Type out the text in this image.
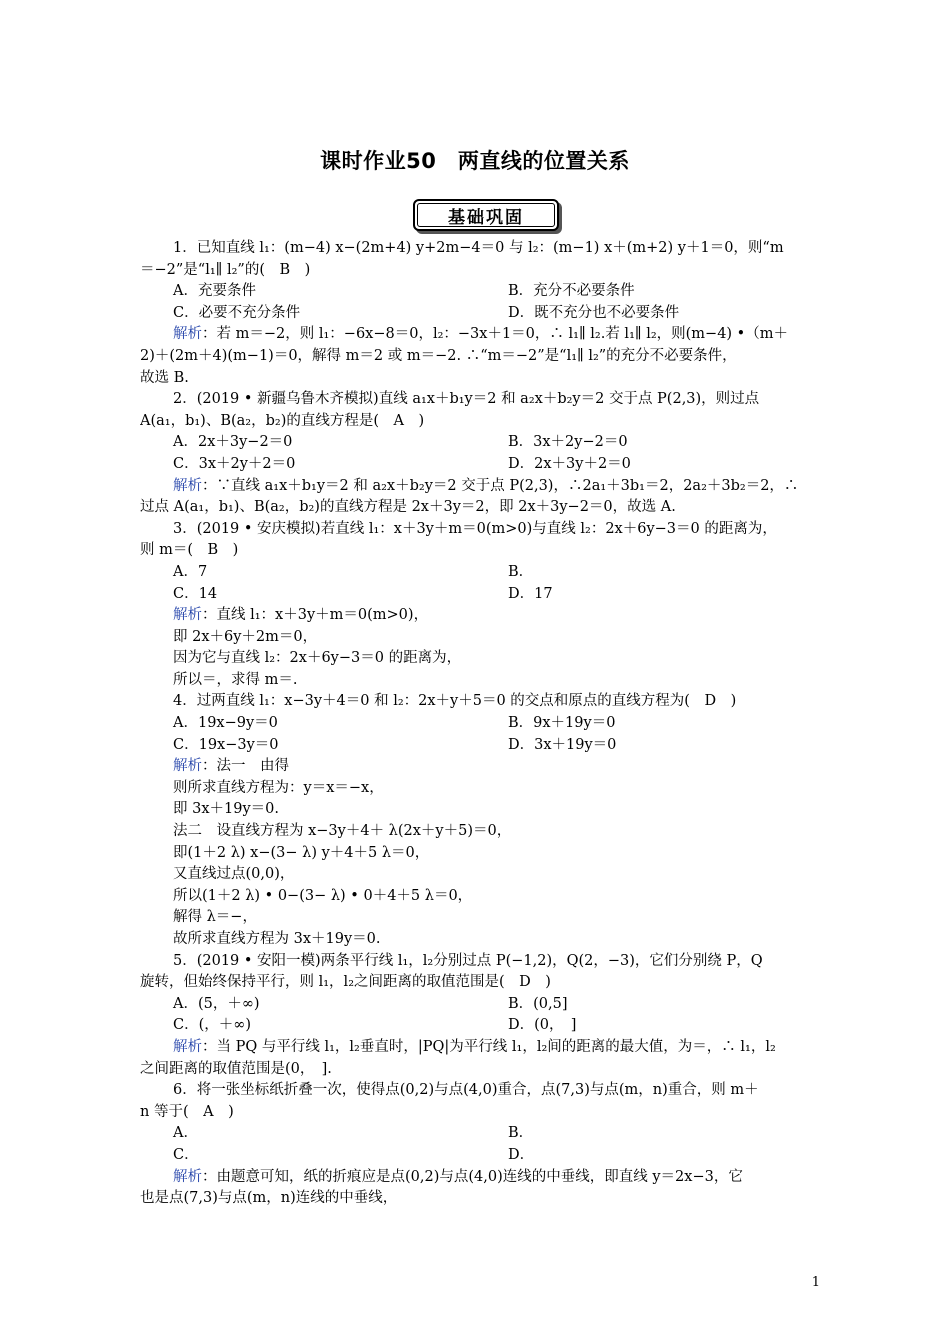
课时作业50　两直线的位置关系
基础巩固
1．已知直线 l₁：(m−4) x−(2m+4) y+2m−4＝0 与 l₂：(m−1) x＋(m+2) y＋1＝0，则“m
＝−2”是“l₁∥ l₂”的(　B　)
A．充要条件	B．充分不必要条件
C．必要不充分条件	D．既不充分也不必要条件
解析：若 m＝−2，则 l₁：−6x−8＝0，l₂：−3x＋1＝0，∴ l₁∥ l₂.若 l₁∥ l₂，则(m−4) •（m＋
2)＋(2m＋4)(m−1)＝0，解得 m＝2 或 m＝−2. ∴“m＝−2”是“l₁∥ l₂”的充分不必要条件，
故选 B.
2．(2019 • 新疆乌鲁木齐模拟)直线 a₁x＋b₁y＝2 和 a₂x＋b₂y＝2 交于点 P(2,3)，则过点
A(a₁，b₁)、B(a₂，b₂)的直线方程是(　A　)
A．2x＋3y−2＝0	B．3x＋2y−2＝0
C．3x＋2y＋2＝0	D．2x＋3y＋2＝0
解析：∵直线 a₁x＋b₁y＝2 和 a₂x＋b₂y＝2 交于点 P(2,3)，∴2a₁＋3b₁＝2，2a₂＋3b₂＝2，∴
过点 A(a₁，b₁)、B(a₂，b₂)的直线方程是 2x＋3y＝2，即 2x＋3y−2＝0，故选 A.
3．(2019 • 安庆模拟)若直线 l₁：x＋3y＋m＝0(m>0)与直线 l₂：2x＋6y−3＝0 的距离为，
则 m＝(　B　)
A．7	B．
C．14	D．17
解析：直线 l₁：x＋3y＋m＝0(m>0)，
即 2x＋6y＋2m＝0，
因为它与直线 l₂：2x＋6y−3＝0 的距离为，
所以＝，求得 m＝.
4．过两直线 l₁：x−3y＋4＝0 和 l₂：2x＋y＋5＝0 的交点和原点的直线方程为(　D　)
A．19x−9y＝0	B．9x＋19y＝0
C．19x−3y＝0	D．3x＋19y＝0
解析：法一　由得
则所求直线方程为：y＝x＝−x，
即 3x＋19y＝0.
法二　设直线方程为 x−3y＋4＋ λ(2x＋y＋5)＝0，
即(1＋2 λ) x−(3− λ) y＋4＋5 λ＝0，
又直线过点(0,0)，
所以(1＋2 λ) • 0−(3− λ) • 0＋4＋5 λ＝0，
解得 λ＝−，
故所求直线方程为 3x＋19y＝0.
5．(2019 • 安阳一模)两条平行线 l₁，l₂分别过点 P(−1,2)，Q(2，−3)，它们分别绕 P，Q
旋转，但始终保持平行，则 l₁，l₂之间距离的取值范围是(　D　)
A．(5，＋∞)	B．(0,5]
C．(，＋∞)	D．(0，　]
解析：当 PQ 与平行线 l₁，l₂垂直时，|PQ|为平行线 l₁，l₂间的距离的最大值，为＝，∴ l₁，l₂
之间距离的取值范围是(0，　].
6．将一张坐标纸折叠一次，使得点(0,2)与点(4,0)重合，点(7,3)与点(m，n)重合，则 m＋
n 等于(　A　)
A．	B．
C．	D．
解析：由题意可知，纸的折痕应是点(0,2)与点(4,0)连线的中垂线，即直线 y＝2x−3，它
也是点(7,3)与点(m，n)连线的中垂线，
1
